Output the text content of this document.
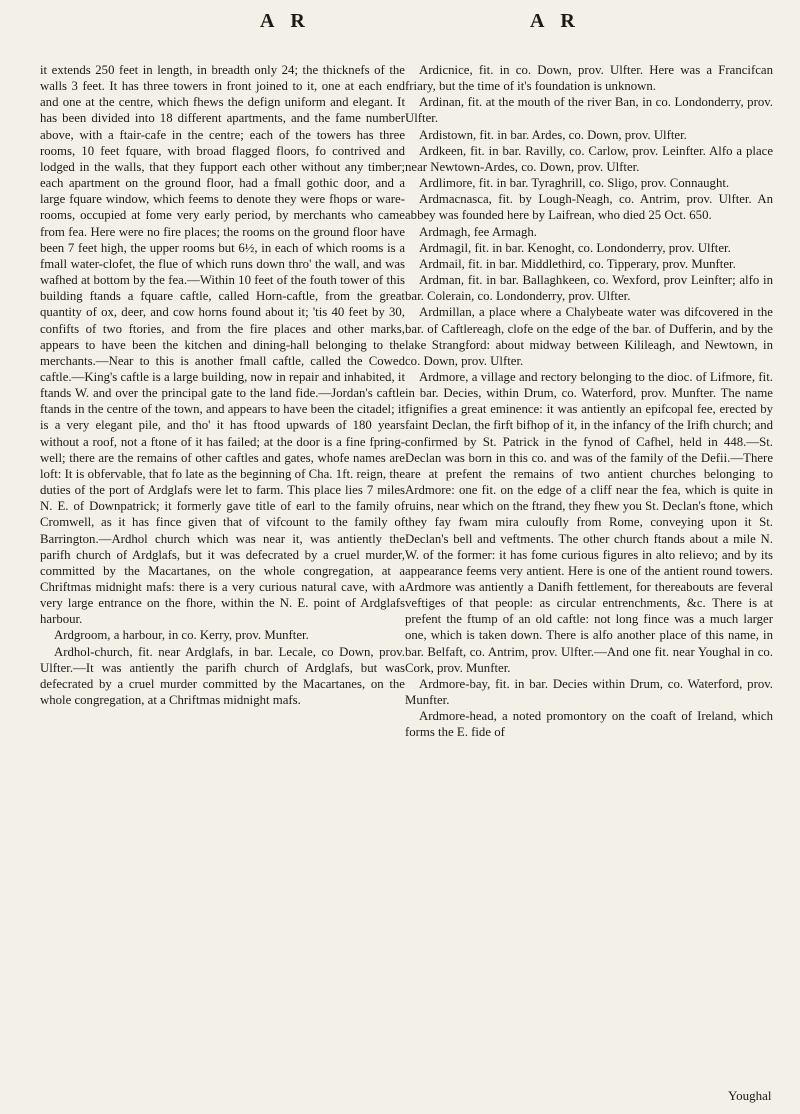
A R	A R

it extends 250 feet in length, in breadth only 24; the thicknefs of the walls 3 feet. It has three towers in front joined to it, one at each end and one at the centre, which fhews the defign uniform and elegant. It has been divided into 18 different apartments, and the fame number above, with a ftair-cafe in the centre; each of the towers has three rooms, 10 feet fquare, with broad flagged floors, fo contrived and lodged in the walls, that they fupport each other without any timber; each apartment on the ground floor, had a fmall gothic door, and a large fquare window, which feems to denote they were fhops or ware-rooms, occupied at fome very early period, by merchants who came from fea. Here were no fire places; the rooms on the ground floor have been 7 feet high, the upper rooms but 6½, in each of which rooms is a fmall water-clofet, the flue of which runs down thro' the wall, and was wafhed at bottom by the fea.—Within 10 feet of the fouth tower of this building ftands a fquare caftle, called Horn-caftle, from the great quantity of ox, deer, and cow horns found about it; 'tis 40 feet by 30, confifts of two ftories, and from the fire places and other marks, appears to have been the kitchen and dining-hall belonging to the merchants.—Near to this is another fmall caftle, called the Cowed caftle.—King's caftle is a large building, now in repair and inhabited, it ftands W. and over the principal gate to the land fide.—Jordan's caftle ftands in the centre of the town, and appears to have been the citadel; it is a very elegant pile, and tho' it has ftood upwards of 180 years without a roof, not a ftone of it has failed; at the door is a fine fpring-well; there are the remains of other caftles and gates, whofe names are loft: It is obfervable, that fo late as the beginning of Cha. 1ft. reign, the duties of the port of Ardglafs were let to farm. This place lies 7 miles N. E. of Downpatrick; it formerly gave title of earl to the family of Cromwell, as it has fince given that of vifcount to the family of Barrington.—Ardhol church which was near it, was antiently the parifh church of Ardglafs, but it was defecrated by a cruel murder, committed by the Macartanes, on the whole congregation, at a Chriftmas midnight mafs: there is a very curious natural cave, with a very large entrance on the fhore, within the N. E. point of Ardglafs harbour.

Ardgroom, a harbour, in co. Kerry, prov. Munfter.

Ardhol-church, fit. near Ardglafs, in bar. Lecale, co Down, prov. Ulfter.—It was antiently the parifh church of Ardglafs, but was defecrated by a cruel murder committed by the Macartanes, on the whole congregation, at a Chriftmas midnight mafs.

Ardicnice, fit. in co. Down, prov. Ulfter. Here was a Francifcan friary, but the time of it's foundation is unknown.

Ardinan, fit. at the mouth of the river Ban, in co. Londonderry, prov. Ulfter.

Ardistown, fit. in bar. Ardes, co. Down, prov. Ulfter.

Ardkeen, fit. in bar. Ravilly, co. Carlow, prov. Leinfter. Alfo a place near Newtown-Ardes, co. Down, prov. Ulfter.

Ardlimore, fit. in bar. Tyraghrill, co. Sligo, prov. Connaught.

Ardmacnasca, fit. by Lough-Neagh, co. Antrim, prov. Ulfter. An abbey was founded here by Laifrean, who died 25 Oct. 650.

Ardmagh, fee Armagh.

Ardmagil, fit. in bar. Kenoght, co. Londonderry, prov. Ulfter.

Ardmail, fit. in bar. Middlethird, co. Tipperary, prov. Munfter.

Ardman, fit. in bar. Ballaghkeen, co. Wexford, prov Leinfter; alfo in bar. Colerain, co. Londonderry, prov. Ulfter.

Ardmillan, a place where a Chalybeate water was difcovered in the bar. of Caftlereagh, clofe on the edge of the bar. of Dufferin, and by the lake Strangford: about midway between Kilileagh, and Newtown, in co. Down, prov. Ulfter.

Ardmore, a village and rectory belonging to the dioc. of Lifmore, fit. in bar. Decies, within Drum, co. Waterford, prov. Munfter. The name fignifies a great eminence: it was antiently an epifcopal fee, erected by faint Declan, the firft bifhop of it, in the infancy of the Irifh church; and confirmed by St. Patrick in the fynod of Cafhel, held in 448.—St. Declan was born in this co. and was of the family of the Defii.—There are at prefent the remains of two antient churches belonging to Ardmore: one fit. on the edge of a cliff near the fea, which is quite in ruins, near which on the ftrand, they fhew you St. Declan's ftone, which they fay fwam mira culoufly from Rome, conveying upon it St. Declan's bell and veftments. The other church ftands about a mile N. W. of the former: it has fome curious figures in alto relievo; and by its appearance feems very antient. Here is one of the antient round towers. Ardmore was antiently a Danifh fettlement, for thereabouts are feveral veftiges of that people: as circular entrenchments, &c. There is at prefent the ftump of an old caftle: not long fince was a much larger one, which is taken down. There is alfo another place of this name, in bar. Belfaft, co. Antrim, prov. Ulfter.—And one fit. near Youghal in co. Cork, prov. Munfter.

Ardmore-bay, fit. in bar. Decies within Drum, co. Waterford, prov. Munfter.

Ardmore-head, a noted promontory on the coaft of Ireland, which forms the E. fide of

Youghal
